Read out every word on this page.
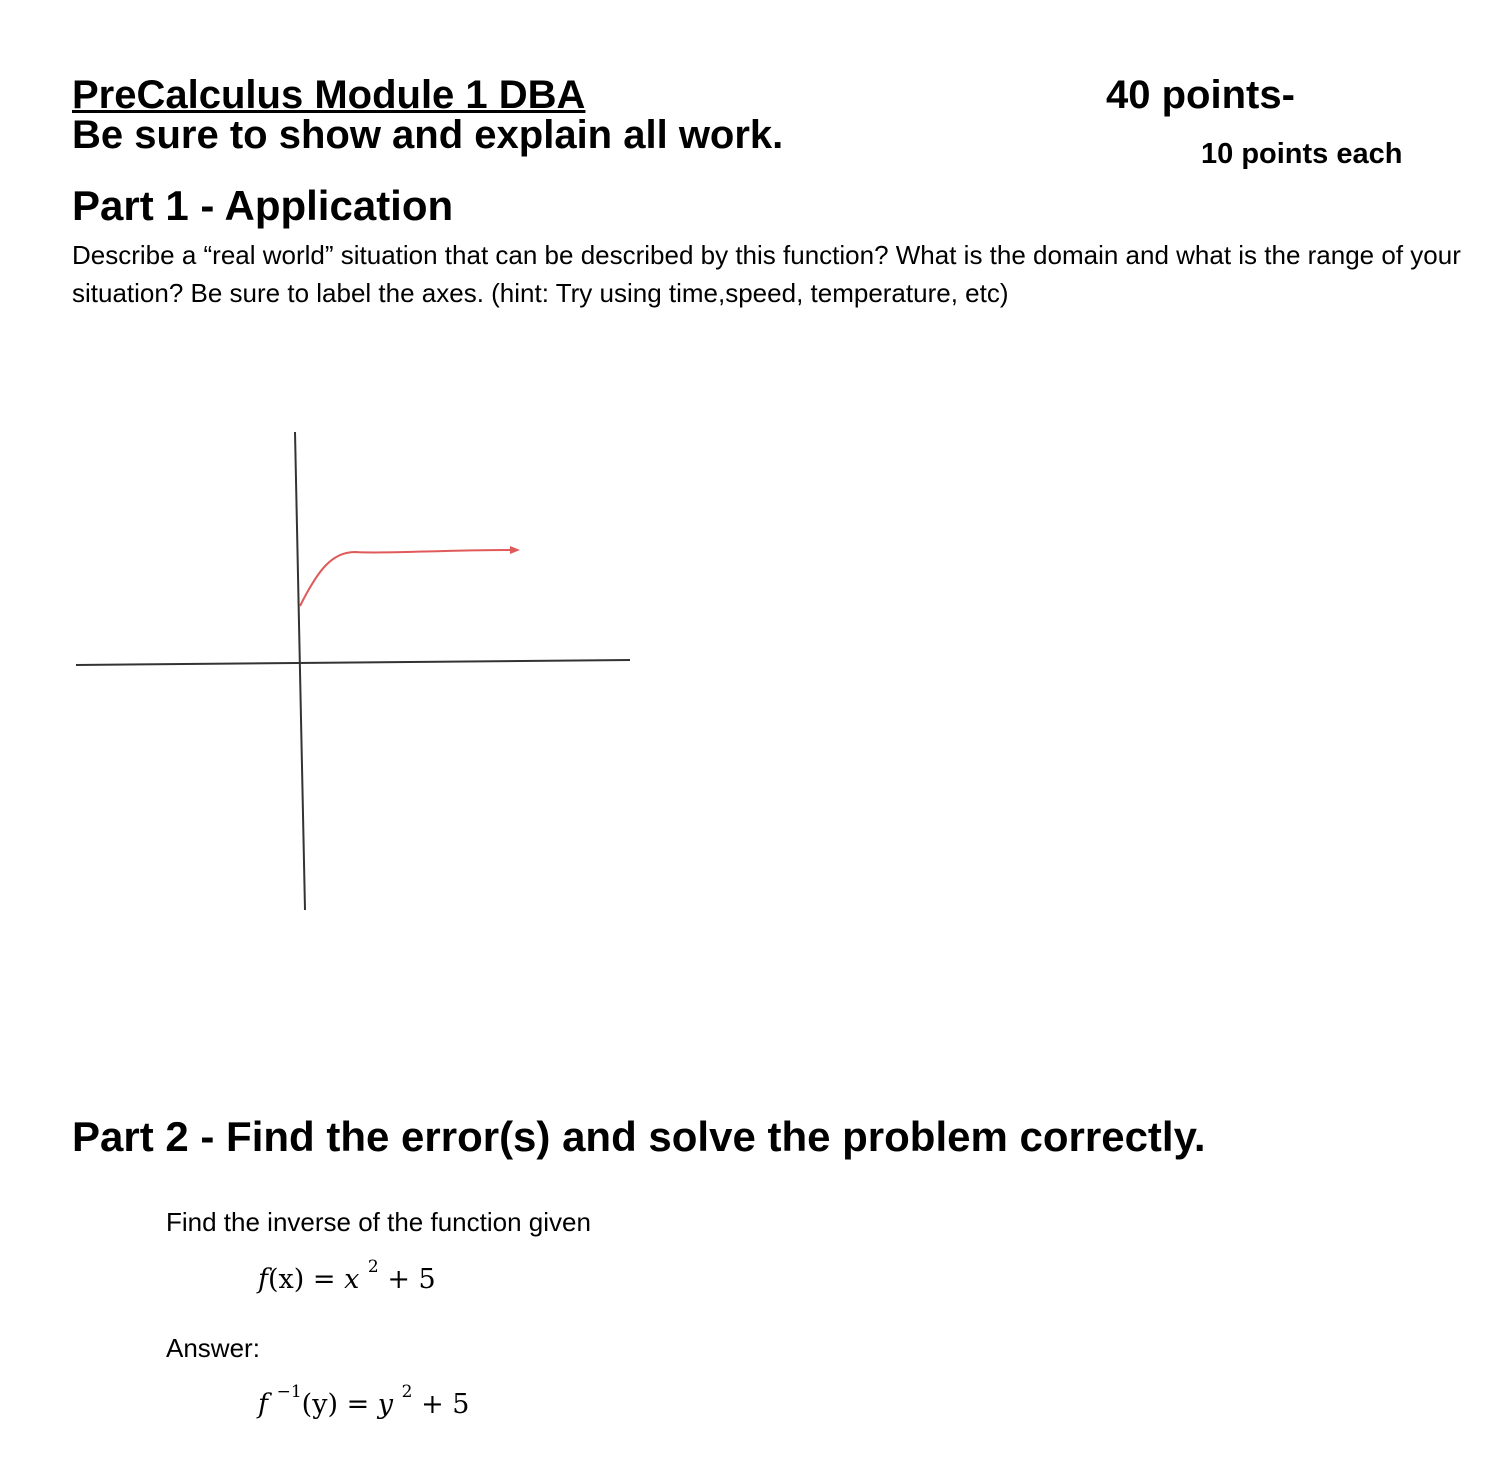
PreCalculus Module 1 DBA	40 points-
Be sure to show and explain all work.	10 points each
Part 1 - Application
Describe a “real world” situation that can be described by this function? What is the domain and what is the range of your situation? Be sure to label the axes. (hint: Try using time,speed, temperature, etc)
Part 2 - Find the error(s) and solve the problem correctly.
Find the inverse of the function given
f(x) = x $^2$ + 5
Answer:
f $^{-1}$(y) = y $^2$ + 5
